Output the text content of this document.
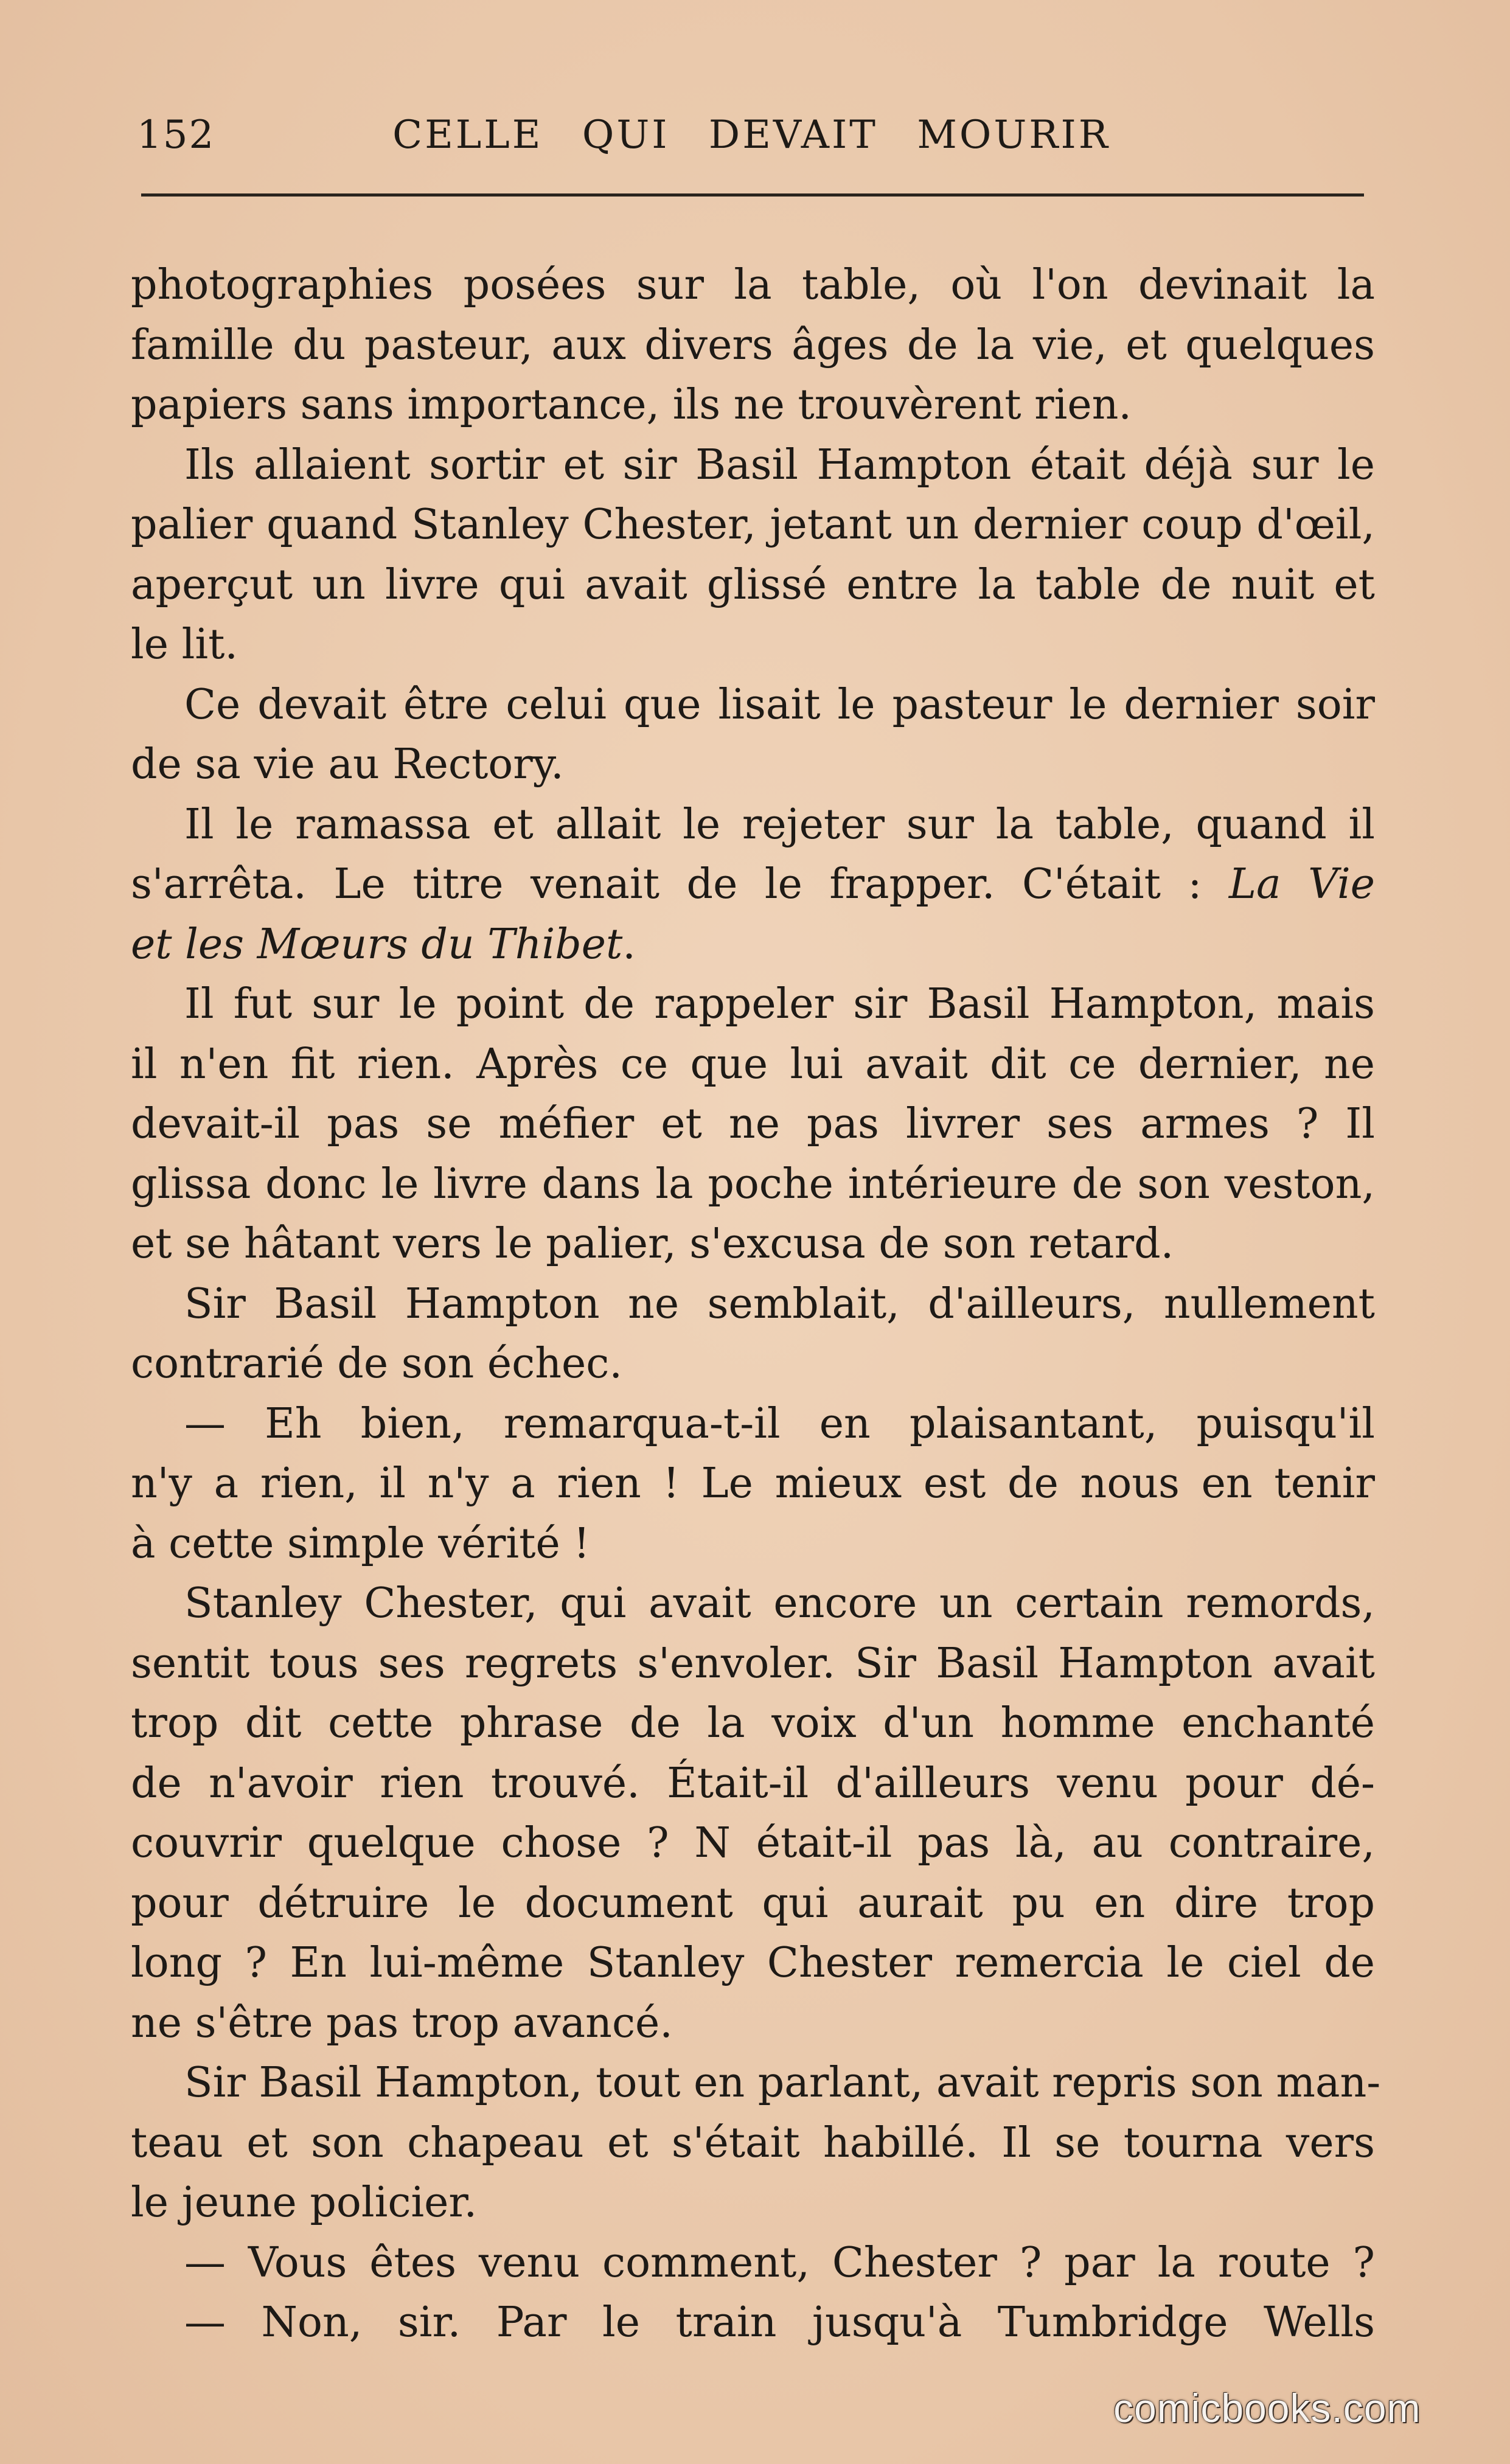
152	CELLE QUI DEVAIT MOURIR
photographies posées sur la table, où l'on devinait la
famille du pasteur, aux divers âges de la vie, et quelques
papiers sans importance, ils ne trouvèrent rien.
Ils allaient sortir et sir Basil Hampton était déjà sur le
palier quand Stanley Chester, jetant un dernier coup d'œil,
aperçut un livre qui avait glissé entre la table de nuit et
le lit.
Ce devait être celui que lisait le pasteur le dernier soir
de sa vie au Rectory.
Il le ramassa et allait le rejeter sur la table, quand il
s'arrêta. Le titre venait de le frapper. C'était : La Vie
et les Mœurs du Thibet.
Il fut sur le point de rappeler sir Basil Hampton, mais
il n'en fit rien. Après ce que lui avait dit ce dernier, ne
devait-il pas se méfier et ne pas livrer ses armes ? Il
glissa donc le livre dans la poche intérieure de son veston,
et se hâtant vers le palier, s'excusa de son retard.
Sir Basil Hampton ne semblait, d'ailleurs, nullement
contrarié de son échec.
— Eh bien, remarqua-t-il en plaisantant, puisqu'il
n'y a rien, il n'y a rien ! Le mieux est de nous en tenir
à cette simple vérité !
Stanley Chester, qui avait encore un certain remords,
sentit tous ses regrets s'envoler. Sir Basil Hampton avait
trop dit cette phrase de la voix d'un homme enchanté
de n'avoir rien trouvé. Était-il d'ailleurs venu pour dé-
couvrir quelque chose ? N était-il pas là, au contraire,
pour détruire le document qui aurait pu en dire trop
long ? En lui-même Stanley Chester remercia le ciel de
ne s'être pas trop avancé.
Sir Basil Hampton, tout en parlant, avait repris son man-
teau et son chapeau et s'était habillé. Il se tourna vers
le jeune policier.
— Vous êtes venu comment, Chester ? par la route ?
— Non, sir. Par le train jusqu'à Tumbridge Wells
comicbooks.com
